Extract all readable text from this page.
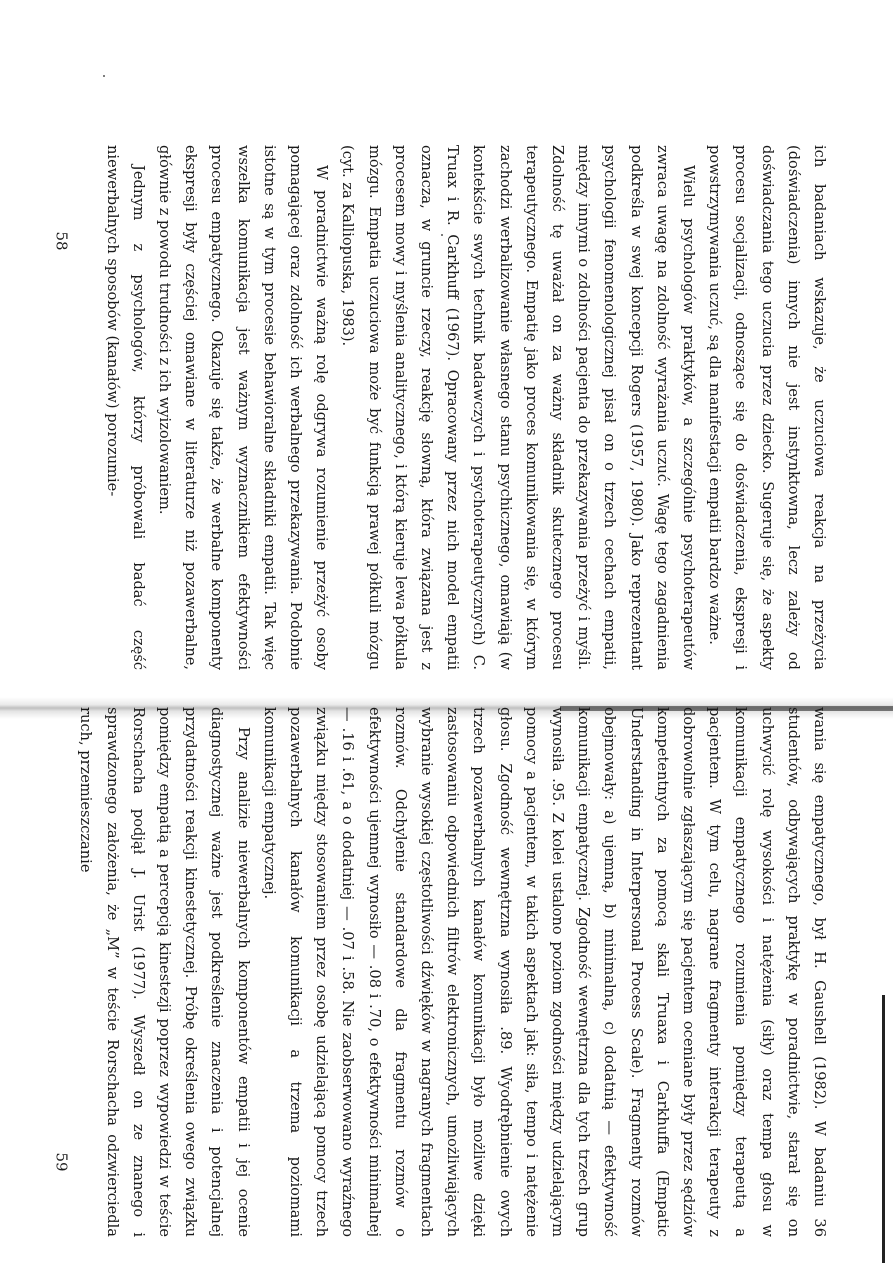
ich badaniach wskazuje, że uczuciowa reakcja na przeżycia (doświadczenia) innych nie jest instynktowna, lecz zależy od doświadczania tego uczucia przez dziecko. Sugeruje się, że aspekty procesu socjalizacji, odnoszące się do doświadczenia, ekspresji i powstrzymywania uczuć, są dla manifestacji empatii bardzo ważne.

Wielu psychologów praktyków, a szczególnie psychoterapeutów zwraca uwagę na zdolność wyrażania uczuć. Wagę tego zagadnienia podkreśla w swej koncepcji Rogers (1957, 1980). Jako reprezentant psychologii fenomenologicznej pisał on o trzech cechach empatii, między innymi o zdolności pacjenta do przekazywania przeżyć i myśli. Zdolność tę uważał on za ważny składnik skutecznego procesu terapeutycznego. Empatię jako proces komunikowania się, w którym zachodzi werbalizowanie własnego stanu psychicznego, omawiają (w kontekście swych technik badawczych i psychoterapeutycznych) C. Truax i R. Carkhuff (1967). Opracowany przez nich model empatii oznacza, w gruncie rzeczy, reakcję słowną, która związana jest z procesem mowy i myślenia analitycznego, i którą kieruje lewa półkula mózgu. Empatia uczuciowa może być funkcją prawej półkuli mózgu (cyt. za Kalliopuska, 1983).

W poradnictwie ważną rolę odgrywa rozumienie przeżyć osoby pomagającej oraz zdolność ich werbalnego przekazywania. Podobnie istotne są w tym procesie behawioralne składniki empatii. Tak więc wszelka komunikacja jest ważnym wyznacznikiem efektywności procesu empatycznego. Okazuje się także, że werbalne komponenty ekspresji były częściej omawiane w literaturze niż pozawerbalne, głównie z powodu trudności z ich wyizolowaniem.

Jednym z psychologów, którzy próbowali badać część niewerbalnych sposobów (kanałów) porozumie-

wania się empatycznego, był H. Gaushell (1982). W badaniu 36 studentów, odbywających praktykę w poradnictwie, starał się on uchwycić rolę wysokości i natężenia (siły) oraz tempa głosu w komunikacji empatycznego rozumienia pomiędzy terapeutą a pacjentem. W tym celu, nagrane fragmenty interakcji terapeuty z dobrowolnie zgłaszającym się pacjentem oceniane były przez sędziów kompetentnych za pomocą skali Truaxa i Carkhuffa (Empatic Understanding in Interpersonal Process Scale). Fragmenty rozmów obejmowały: a) ujemną, b) minimalną, c) dodatnią — efektywność komunikacji empatycznej. Zgodność wewnętrzna dla tych trzech grup wynosiła .95. Z kolei ustalono poziom zgodności między udzielającym pomocy a pacjentem, w takich aspektach jak: siła, tempo i natężenie głosu. Zgodność wewnętrzna wynosiła .89. Wyodrębnienie owych trzech pozawerbalnych kanałów komunikacji było możliwe dzięki zastosowaniu odpowiednich filtrów elektronicznych, umożliwiających wybranie wysokiej częstotliwości dźwięków w nagranych fragmentach rozmów. Odchylenie standardowe dla fragmentu rozmów o efektywności ujemnej wynosiło — .08 i .70, o efektywności minimalnej — .16 i .61, a o dodatniej — .07 i .58. Nie zaobserwowano wyraźnego związku między stosowaniem przez osobę udzielającą pomocy trzech pozawerbalnych kanałów komunikacji a trzema poziomami komunikacji empatycznej.

Przy analizie niewerbalnych komponentów empatii i jej ocenie diagnostycznej ważne jest podkreślenie znaczenia i potencjalnej przydatności reakcji kinestetycznej. Próbę określenia owego związku pomiędzy empatią a percepcją kinestezji poprzez wypowiedzi w teście Rorschacha podjął J. Urist (1977). Wyszedł on ze znanego i sprawdzonego założenia, że „M” w teście Rorschacha odzwierciedla ruch, przemieszczanie

58
59
